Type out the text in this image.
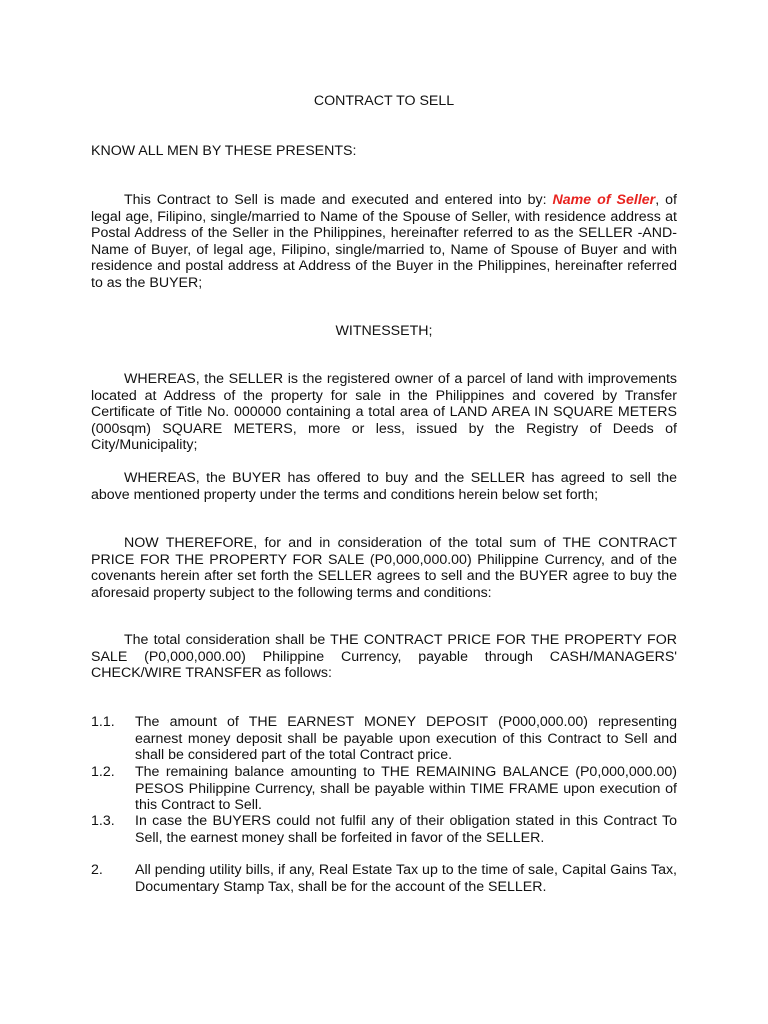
CONTRACT TO SELL

KNOW ALL MEN BY THESE PRESENTS:

This Contract to Sell is made and executed and entered into by: Name of Seller, of legal age, Filipino, single/married to Name of the Spouse of Seller, with residence address at Postal Address of the Seller in the Philippines, hereinafter referred to as the SELLER -AND- Name of Buyer, of legal age, Filipino, single/married to, Name of Spouse of Buyer and with residence and postal address at Address of the Buyer in the Philippines, hereinafter referred to as the BUYER;

WITNESSETH;

WHEREAS, the SELLER is the registered owner of a parcel of land with improvements located at Address of the property for sale in the Philippines and covered by Transfer Certificate of Title No. 000000 containing a total area of LAND AREA IN SQUARE METERS (000sqm) SQUARE METERS, more or less, issued by the Registry of Deeds of City/Municipality;

WHEREAS, the BUYER has offered to buy and the SELLER has agreed to sell the above mentioned property under the terms and conditions herein below set forth;

NOW THEREFORE, for and in consideration of the total sum of THE CONTRACT PRICE FOR THE PROPERTY FOR SALE (P0,000,000.00) Philippine Currency, and of the covenants herein after set forth the SELLER agrees to sell and the BUYER agree to buy the aforesaid property subject to the following terms and conditions:

The total consideration shall be THE CONTRACT PRICE FOR THE PROPERTY FOR SALE (P0,000,000.00) Philippine Currency, payable through CASH/MANAGERS' CHECK/WIRE TRANSFER as follows:

1.1.	The amount of THE EARNEST MONEY DEPOSIT (P000,000.00) representing earnest money deposit shall be payable upon execution of this Contract to Sell and shall be considered part of the total Contract price.
1.2.	The remaining balance amounting to THE REMAINING BALANCE (P0,000,000.00) PESOS Philippine Currency, shall be payable within TIME FRAME upon execution of this Contract to Sell.
1.3.	In case the BUYERS could not fulfil any of their obligation stated in this Contract To Sell, the earnest money shall be forfeited in favor of the SELLER.
2.	All pending utility bills, if any, Real Estate Tax up to the time of sale, Capital Gains Tax, Documentary Stamp Tax, shall be for the account of the SELLER.
